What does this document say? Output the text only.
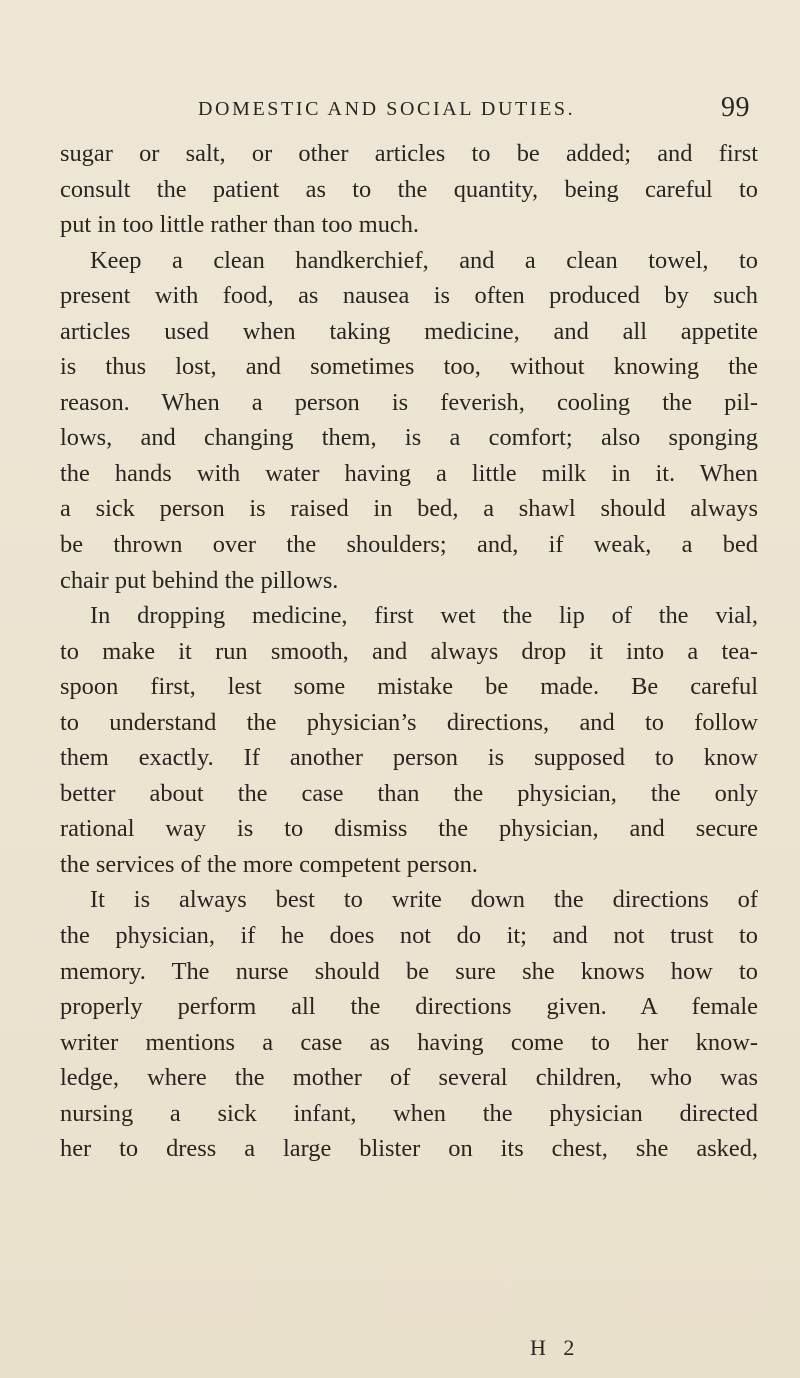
DOMESTIC AND SOCIAL DUTIES.	99
sugar or salt, or other articles to be added; and first
consult the patient as to the quantity, being careful to
put in too little rather than too much.
Keep a clean handkerchief, and a clean towel, to
present with food, as nausea is often produced by such
articles used when taking medicine, and all appetite
is thus lost, and sometimes too, without knowing the
reason. When a person is feverish, cooling the pil-
lows, and changing them, is a comfort; also sponging
the hands with water having a little milk in it. When
a sick person is raised in bed, a shawl should always
be thrown over the shoulders; and, if weak, a bed
chair put behind the pillows.
In dropping medicine, first wet the lip of the vial,
to make it run smooth, and always drop it into a tea-
spoon first, lest some mistake be made. Be careful
to understand the physician’s directions, and to follow
them exactly. If another person is supposed to know
better about the case than the physician, the only
rational way is to dismiss the physician, and secure
the services of the more competent person.
It is always best to write down the directions of
the physician, if he does not do it; and not trust to
memory. The nurse should be sure she knows how to
properly perform all the directions given. A female
writer mentions a case as having come to her know-
ledge, where the mother of several children, who was
nursing a sick infant, when the physician directed
her to dress a large blister on its chest, she asked,
H 2
